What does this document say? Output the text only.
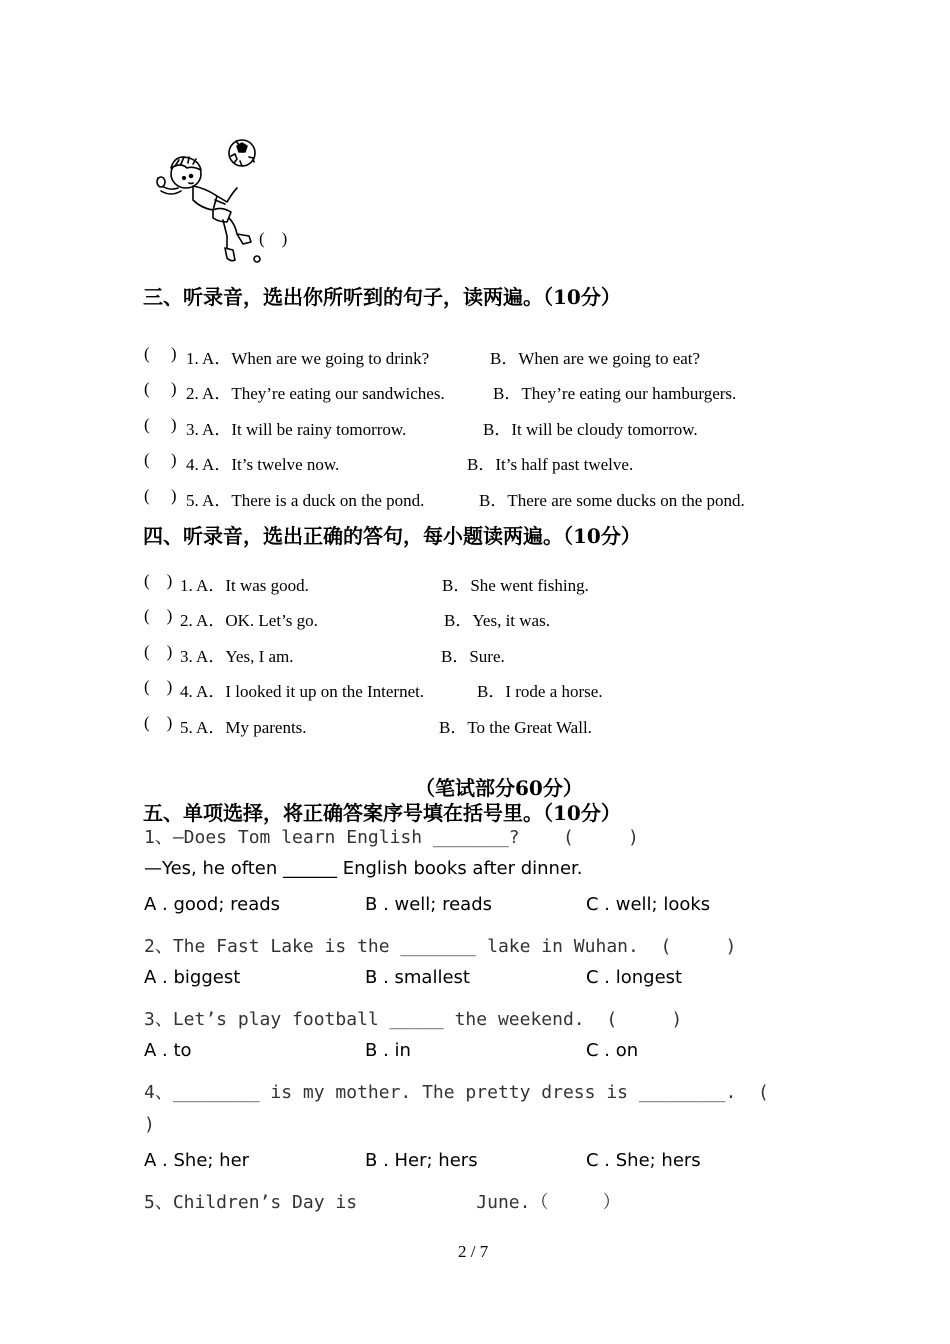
(    )
三、听录音，选出你所听到的句子，读两遍。（10分）

(     )

1. A．When are we going to drink?

	B．When are we going to eat?

(     )

2. A．They’re eating our sandwiches.

	B．They’re eating our hamburgers.

(     )

3. A．It will be rainy tomorrow.

	B．It will be cloudy tomorrow.

(     )

4. A．It’s twelve now.

	B．It’s half past twelve.

(     )

5. A．There is a duck on the pond.

	B．There are some ducks on the pond.

四、听录音，选出正确的答句，每小题读两遍。（10分）

(    )

1. A．It was good.

	B．She went fishing.

(    )

2. A．OK. Let’s go.

	B．Yes, it was.

(    )

3. A．Yes, I am.

	B．Sure.

(    )

4. A．I looked it up on the Internet.

	B．I rode a horse.

(    )

5. A．My parents.

	B．To the Great Wall.

（笔试部分60分）
五、单项选择，将正确答案序号填在括号里。（10分）
1、—Does Tom learn English _______?    (     )
—Yes, he often ______ English books after dinner.
A . good; reads	B . well; reads	C . well; looks
2、The Fast Lake is the _______ lake in Wuhan.  (     )
A . biggest	B . smallest	C . longest
3、Let’s play football _____ the weekend.  (     )
A . to	B . in	C . on
4、________ is my mother. The pretty dress is ________.  (
)
A . She; her	B . Her; hers	C . She; hers
5、Children’s Day is           June.（     ）
2 / 7
